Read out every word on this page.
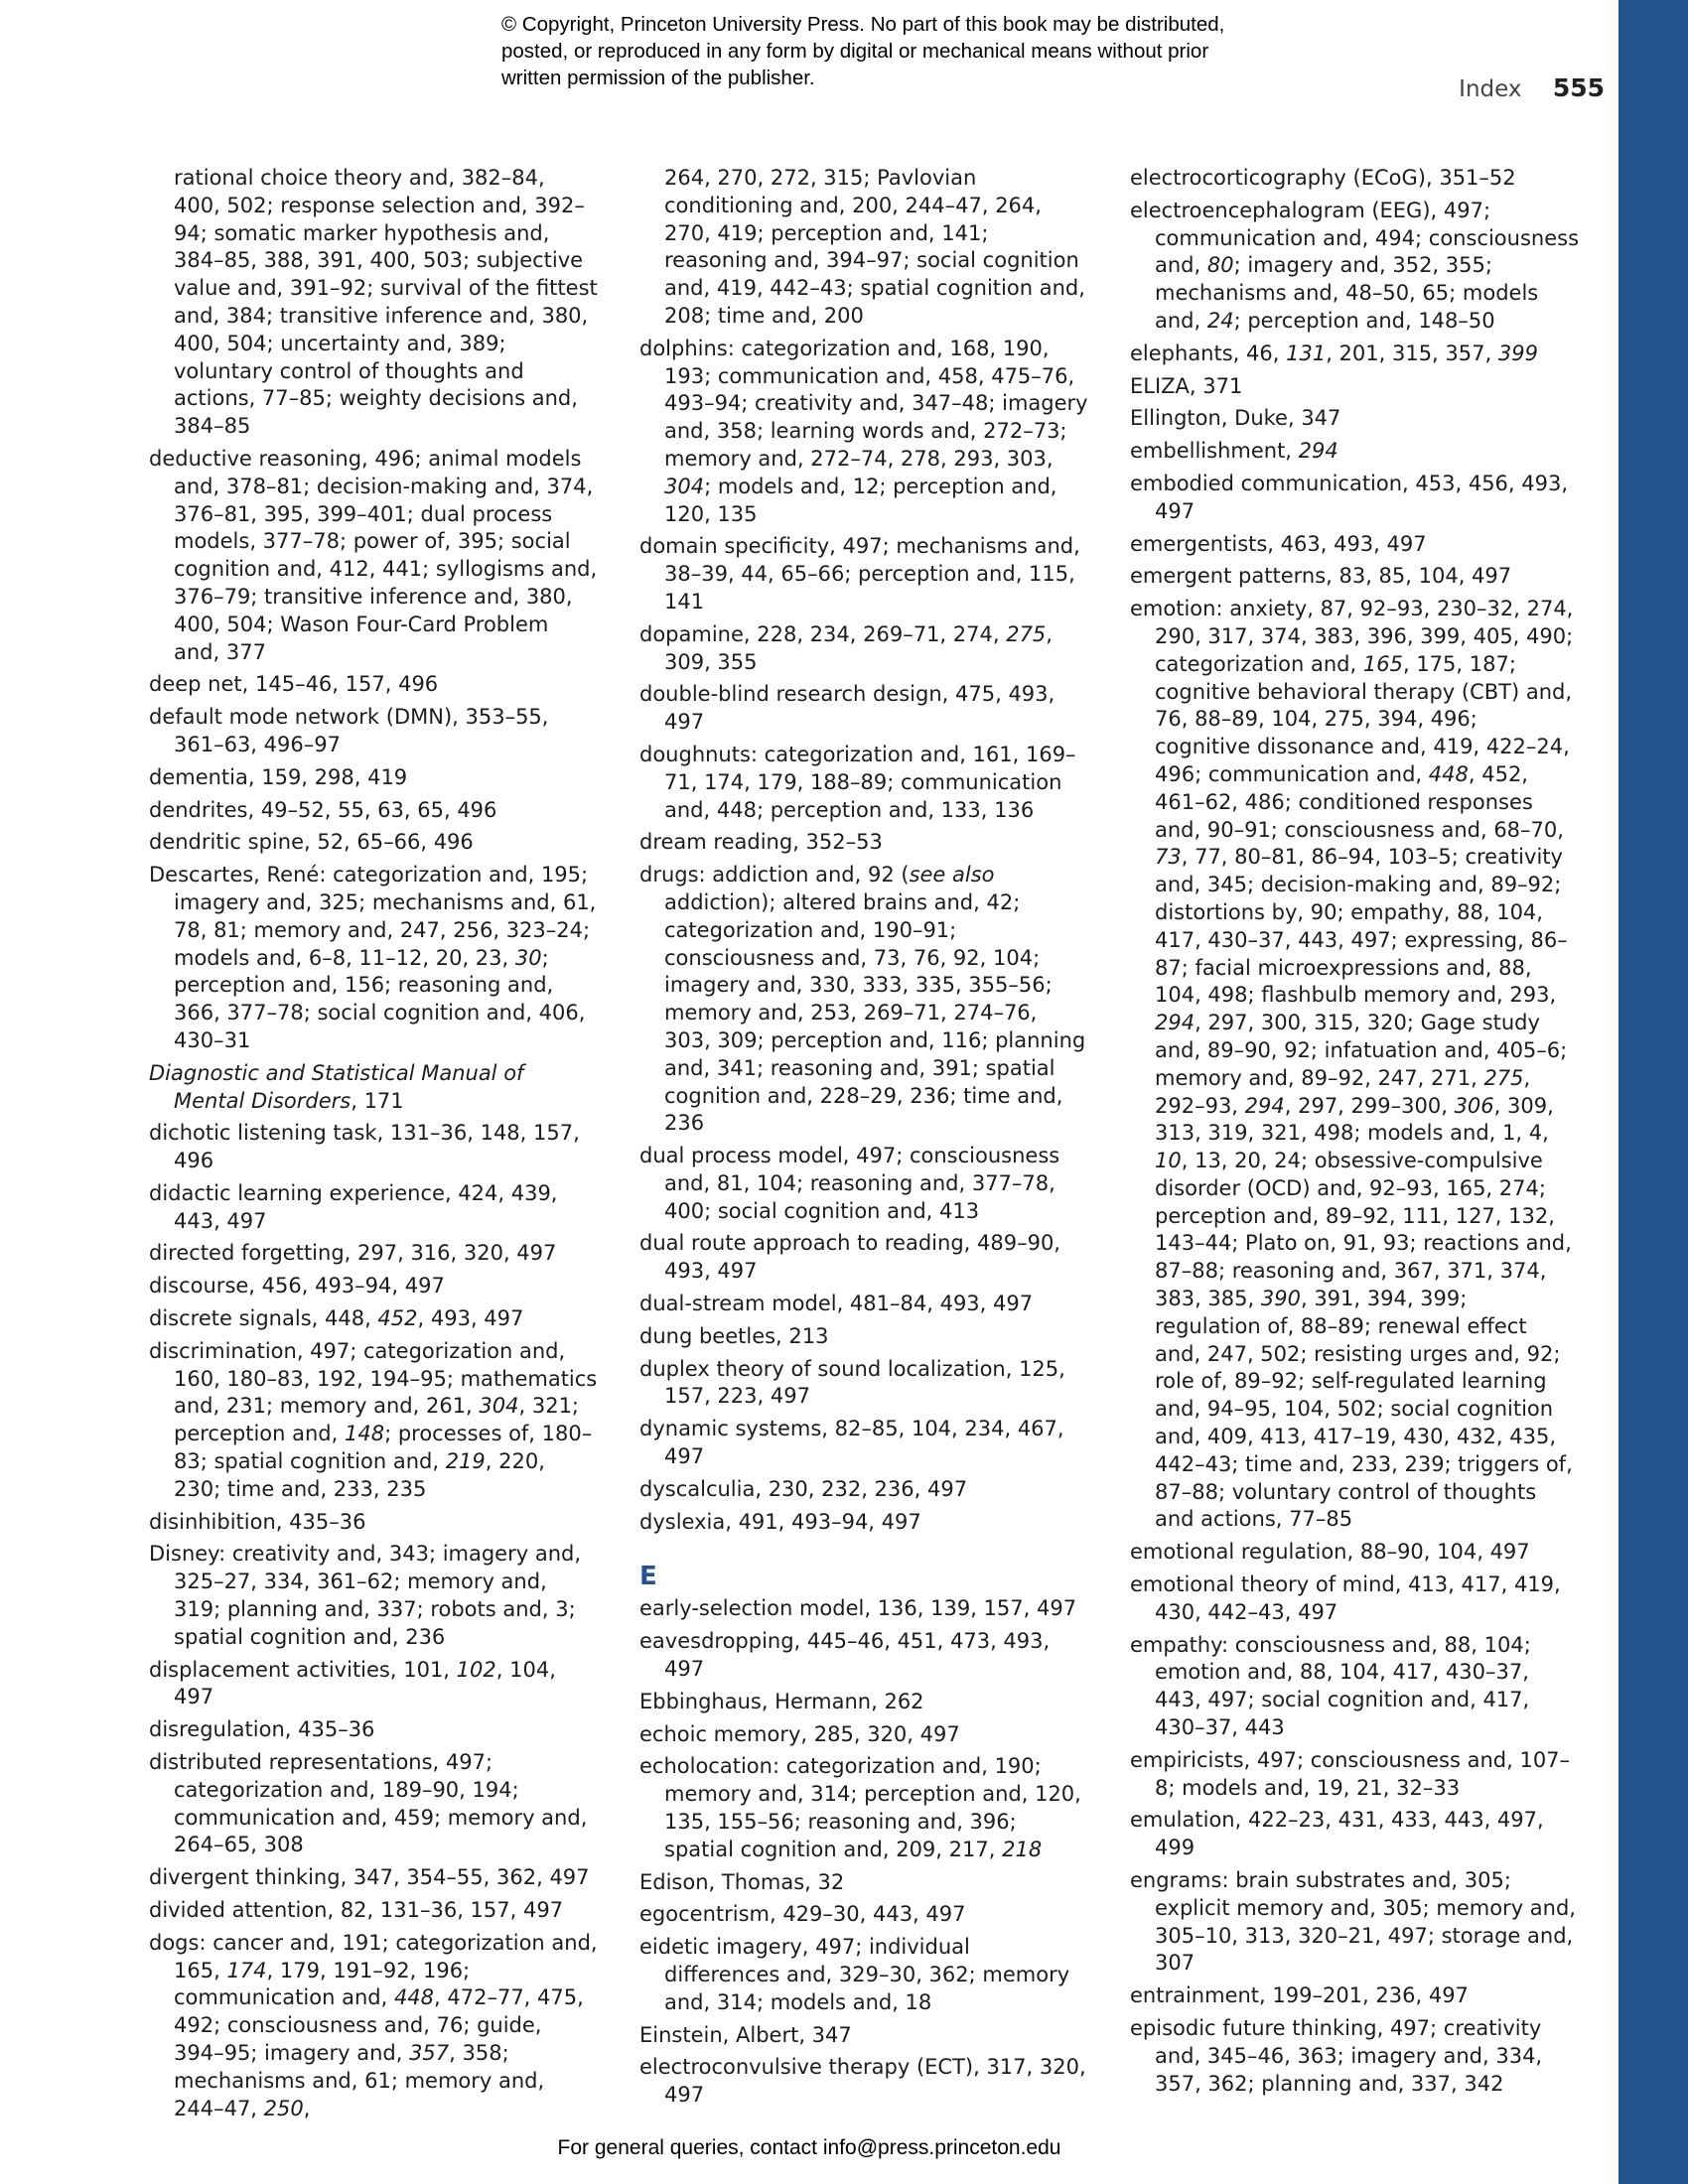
© Copyright, Princeton University Press. No part of this book may be distributed, posted, or reproduced in any form by digital or mechanical means without prior written permission of the publisher.	Index 555
rational choice theory and, 382–84, 400, 502; response selection and, 392–94; somatic marker hypothesis and, 384–85, 388, 391, 400, 503; subjective value and, 391–92; survival of the fittest and, 384; transitive inference and, 380, 400, 504; uncertainty and, 389; voluntary control of thoughts and actions, 77–85; weighty decisions and, 384–85
deductive reasoning, 496; animal models and, 378–81; decision-making and, 374, 376–81, 395, 399–401; dual process models, 377–78; power of, 395; social cognition and, 412, 441; syllogisms and, 376–79; transitive inference and, 380, 400, 504; Wason Four-Card Problem and, 377
deep net, 145–46, 157, 496
default mode network (DMN), 353–55, 361–63, 496–97
dementia, 159, 298, 419
dendrites, 49–52, 55, 63, 65, 496
dendritic spine, 52, 65–66, 496
Descartes, René: categorization and, 195; imagery and, 325; mechanisms and, 61, 78, 81; memory and, 247, 256, 323–24; models and, 6–8, 11–12, 20, 23, 30; perception and, 156; reasoning and, 366, 377–78; social cognition and, 406, 430–31
Diagnostic and Statistical Manual of Mental Disorders, 171
dichotic listening task, 131–36, 148, 157, 496
didactic learning experience, 424, 439, 443, 497
directed forgetting, 297, 316, 320, 497
discourse, 456, 493–94, 497
discrete signals, 448, 452, 493, 497
discrimination, 497; categorization and, 160, 180–83, 192, 194–95; mathematics and, 231; memory and, 261, 304, 321; perception and, 148; processes of, 180–83; spatial cognition and, 219, 220, 230; time and, 233, 235
disinhibition, 435–36
Disney: creativity and, 343; imagery and, 325–27, 334, 361–62; memory and, 319; planning and, 337; robots and, 3; spatial cognition and, 236
displacement activities, 101, 102, 104, 497
disregulation, 435–36
distributed representations, 497; categorization and, 189–90, 194; communication and, 459; memory and, 264–65, 308
divergent thinking, 347, 354–55, 362, 497
divided attention, 82, 131–36, 157, 497
dogs: cancer and, 191; categorization and, 165, 174, 179, 191–92, 196; communication and, 448, 472–77, 475, 492; consciousness and, 76; guide, 394–95; imagery and, 357, 358; mechanisms and, 61; memory and, 244–47, 250,
264, 270, 272, 315; Pavlovian conditioning and, 200, 244–47, 264, 270, 419; perception and, 141; reasoning and, 394–97; social cognition and, 419, 442–43; spatial cognition and, 208; time and, 200
dolphins: categorization and, 168, 190, 193; communication and, 458, 475–76, 493–94; creativity and, 347–48; imagery and, 358; learning words and, 272–73; memory and, 272–74, 278, 293, 303, 304; models and, 12; perception and, 120, 135
domain specificity, 497; mechanisms and, 38–39, 44, 65–66; perception and, 115, 141
dopamine, 228, 234, 269–71, 274, 275, 309, 355
double-blind research design, 475, 493, 497
doughnuts: categorization and, 161, 169–71, 174, 179, 188–89; communication and, 448; perception and, 133, 136
dream reading, 352–53
drugs: addiction and, 92 (see also addiction); altered brains and, 42; categorization and, 190–91; consciousness and, 73, 76, 92, 104; imagery and, 330, 333, 335, 355–56; memory and, 253, 269–71, 274–76, 303, 309; perception and, 116; planning and, 341; reasoning and, 391; spatial cognition and, 228–29, 236; time and, 236
dual process model, 497; consciousness and, 81, 104; reasoning and, 377–78, 400; social cognition and, 413
dual route approach to reading, 489–90, 493, 497
dual-stream model, 481–84, 493, 497
dung beetles, 213
duplex theory of sound localization, 125, 157, 223, 497
dynamic systems, 82–85, 104, 234, 467, 497
dyscalculia, 230, 232, 236, 497
dyslexia, 491, 493–94, 497
E
early-selection model, 136, 139, 157, 497
eavesdropping, 445–46, 451, 473, 493, 497
Ebbinghaus, Hermann, 262
echoic memory, 285, 320, 497
echolocation: categorization and, 190; memory and, 314; perception and, 120, 135, 155–56; reasoning and, 396; spatial cognition and, 209, 217, 218
Edison, Thomas, 32
egocentrism, 429–30, 443, 497
eidetic imagery, 497; individual differences and, 329–30, 362; memory and, 314; models and, 18
Einstein, Albert, 347
electroconvulsive therapy (ECT), 317, 320, 497
electrocorticography (ECoG), 351–52
electroencephalogram (EEG), 497; communication and, 494; consciousness and, 80; imagery and, 352, 355; mechanisms and, 48–50, 65; models and, 24; perception and, 148–50
elephants, 46, 131, 201, 315, 357, 399
ELIZA, 371
Ellington, Duke, 347
embellishment, 294
embodied communication, 453, 456, 493, 497
emergentists, 463, 493, 497
emergent patterns, 83, 85, 104, 497
emotion: anxiety, 87, 92–93, 230–32, 274, 290, 317, 374, 383, 396, 399, 405, 490; categorization and, 165, 175, 187; cognitive behavioral therapy (CBT) and, 76, 88–89, 104, 275, 394, 496; cognitive dissonance and, 419, 422–24, 496; communication and, 448, 452, 461–62, 486; conditioned responses and, 90–91; consciousness and, 68–70, 73, 77, 80–81, 86–94, 103–5; creativity and, 345; decision-making and, 89–92; distortions by, 90; empathy, 88, 104, 417, 430–37, 443, 497; expressing, 86–87; facial microexpressions and, 88, 104, 498; flashbulb memory and, 293, 294, 297, 300, 315, 320; Gage study and, 89–90, 92; infatuation and, 405–6; memory and, 89–92, 247, 271, 275, 292–93, 294, 297, 299–300, 306, 309, 313, 319, 321, 498; models and, 1, 4, 10, 13, 20, 24; obsessive-compulsive disorder (OCD) and, 92–93, 165, 274; perception and, 89–92, 111, 127, 132, 143–44; Plato on, 91, 93; reactions and, 87–88; reasoning and, 367, 371, 374, 383, 385, 390, 391, 394, 399; regulation of, 88–89; renewal effect and, 247, 502; resisting urges and, 92; role of, 89–92; self-regulated learning and, 94–95, 104, 502; social cognition and, 409, 413, 417–19, 430, 432, 435, 442–43; time and, 233, 239; triggers of, 87–88; voluntary control of thoughts and actions, 77–85
emotional regulation, 88–90, 104, 497
emotional theory of mind, 413, 417, 419, 430, 442–43, 497
empathy: consciousness and, 88, 104; emotion and, 88, 104, 417, 430–37, 443, 497; social cognition and, 417, 430–37, 443
empiricists, 497; consciousness and, 107–8; models and, 19, 21, 32–33
emulation, 422–23, 431, 433, 443, 497, 499
engrams: brain substrates and, 305; explicit memory and, 305; memory and, 305–10, 313, 320–21, 497; storage and, 307
entrainment, 199–201, 236, 497
episodic future thinking, 497; creativity and, 345–46, 363; imagery and, 334, 357, 362; planning and, 337, 342
For general queries, contact info@press.princeton.edu
